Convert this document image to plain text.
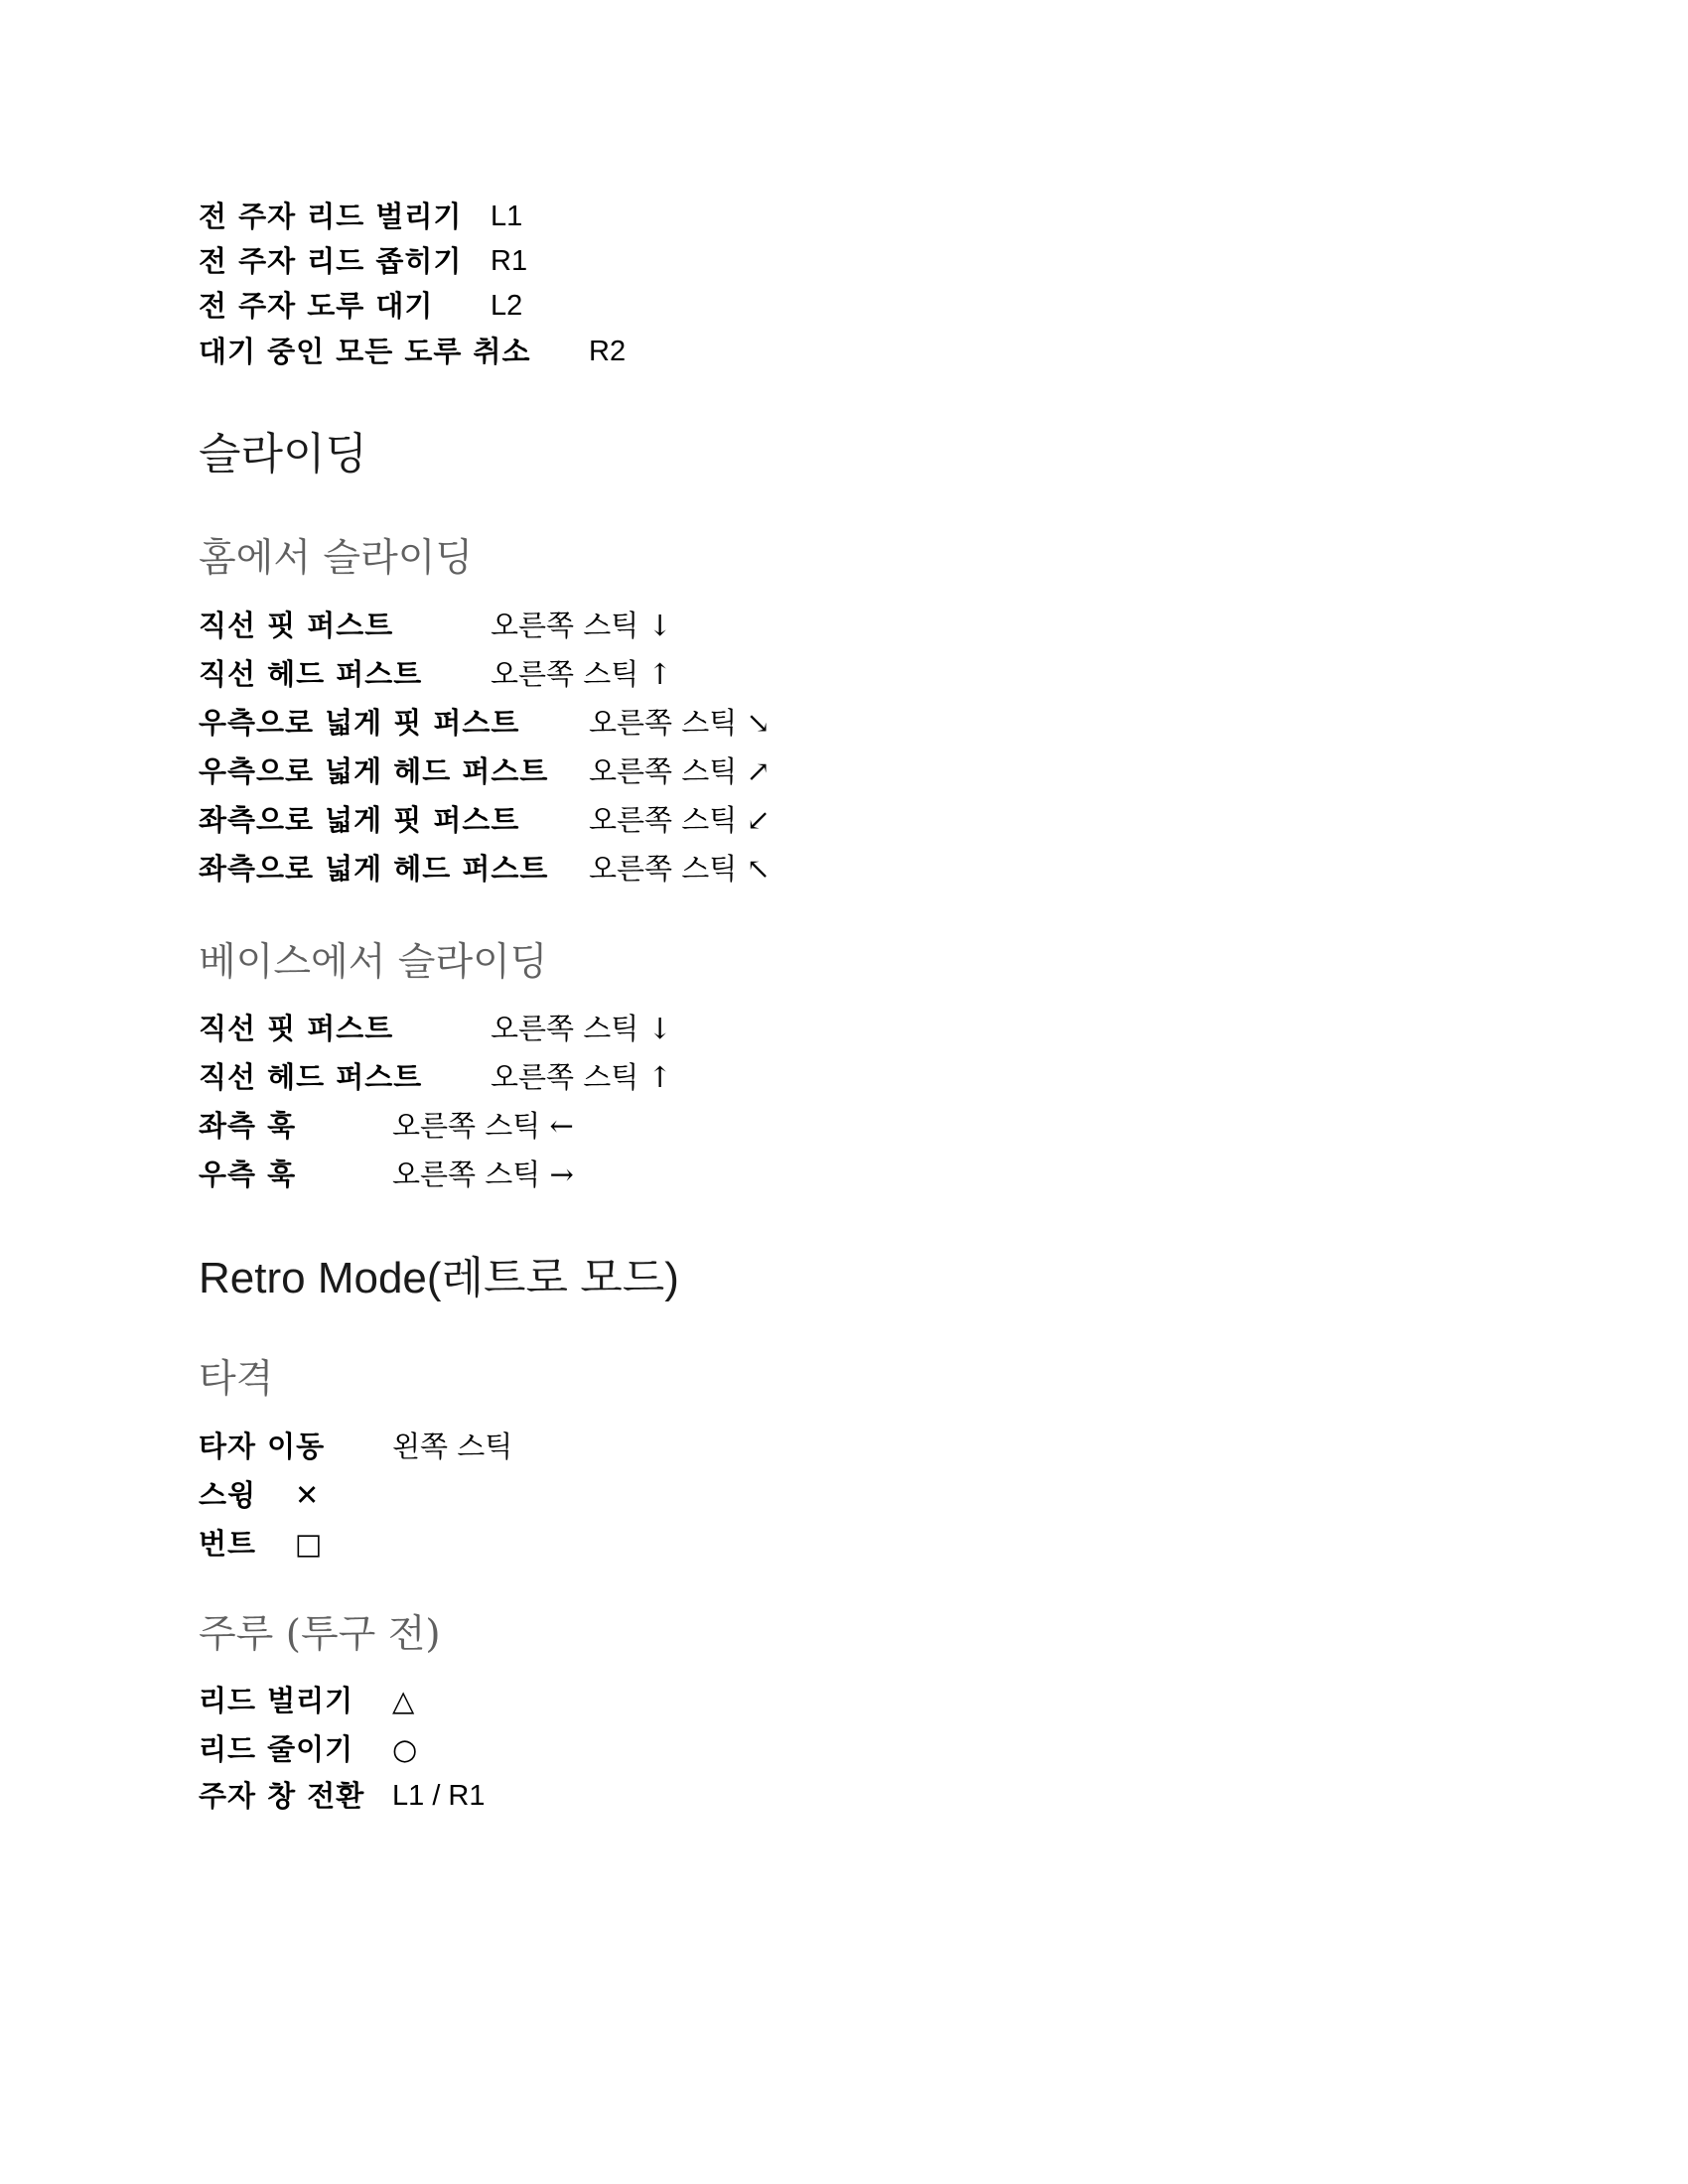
전 주자 리드 벌리기 L1
전 주자 리드 좁히기 R1
전 주자 도루 대기 L2
대기 중인 모든 도루 취소 R2
슬라이딩
홈에서 슬라이딩
직선 핏 퍼스트	오른쪽 스틱 ↓
직선 헤드 퍼스트 오른쪽 스틱 ↑
우측으로 넓게 핏 퍼스트 오른쪽 스틱 ↘
우측으로 넓게 헤드 퍼스트 오른쪽 스틱 ↗
좌측으로 넓게 핏 퍼스트 오른쪽 스틱 ↙
좌측으로 넓게 헤드 퍼스트 오른쪽 스틱 ↖
베이스에서 슬라이딩
직선 핏 퍼스트	오른쪽 스틱 ↓
직선 헤드 퍼스트 오른쪽 스틱 ↑
좌측 훅	오른쪽 스틱 ←
우측 훅	오른쪽 스틱 →
Retro Mode(레트로 모드)
타격
타자 이동 왼쪽 스틱
스윙 ✕
번트 □
주루 (투구 전)
리드 벌리기 △
리드 줄이기 ○
주자 창 전환 L1 / R1
